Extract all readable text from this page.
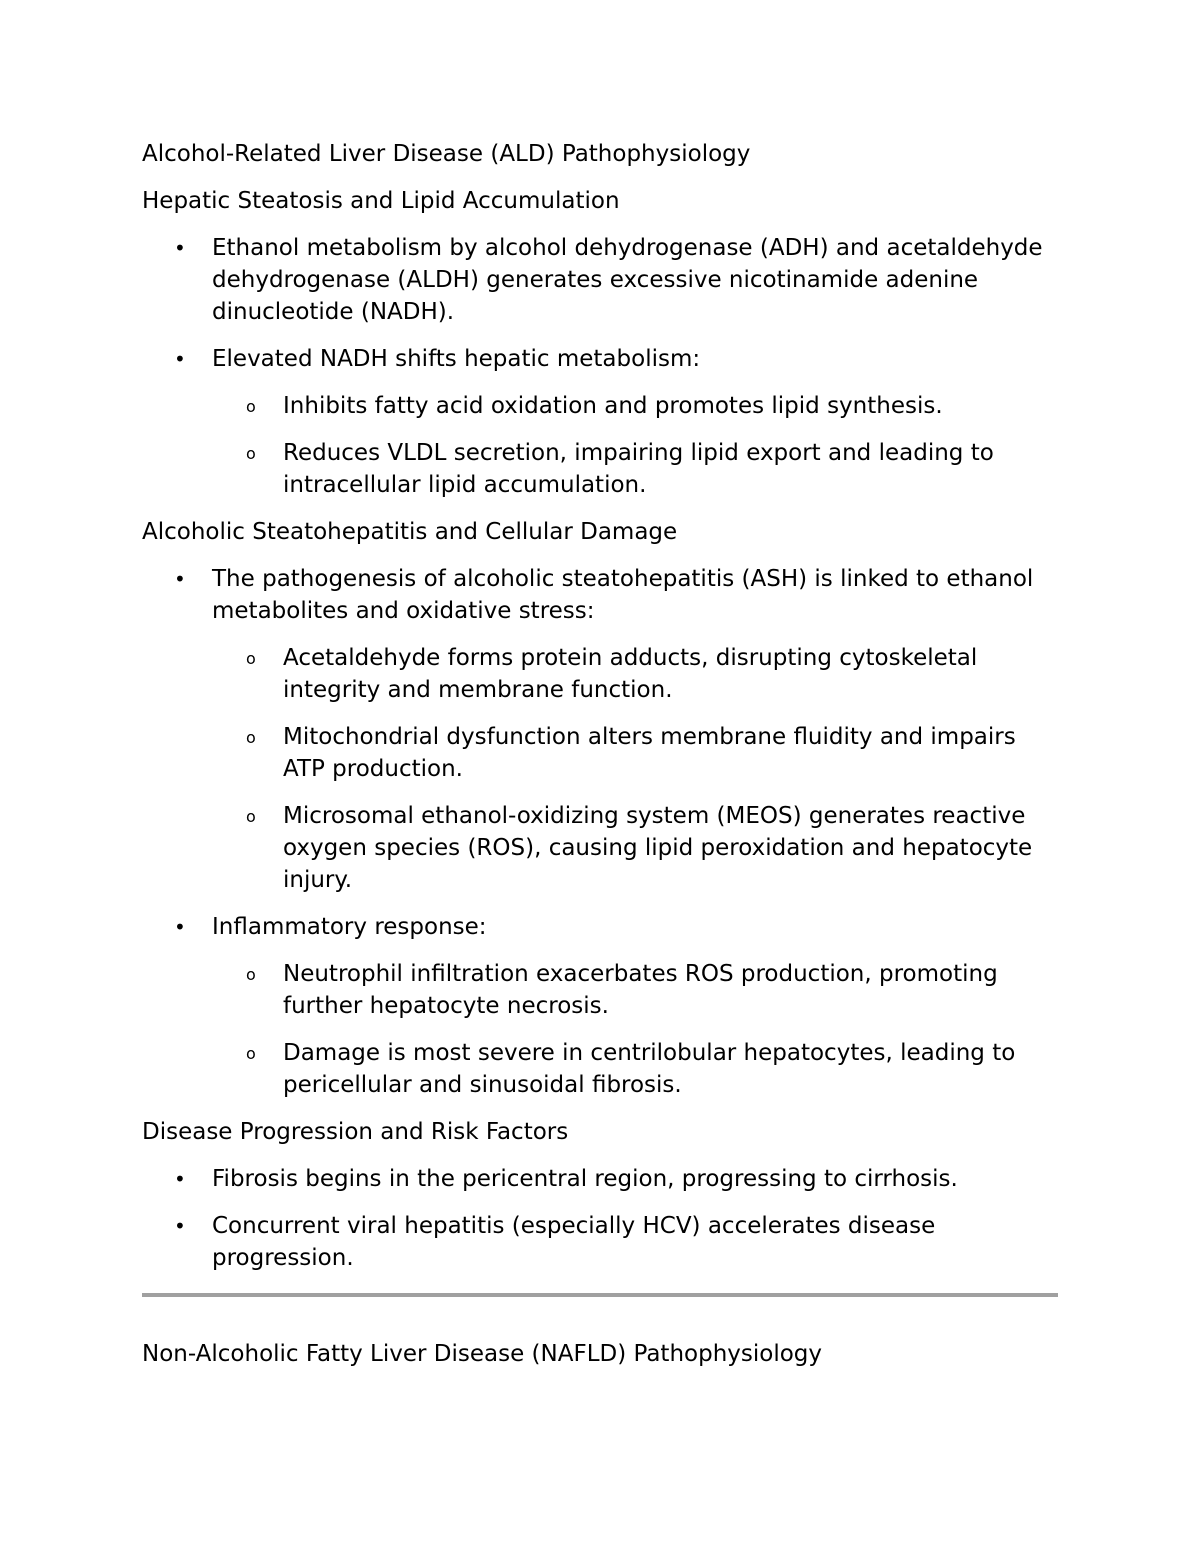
Alcohol-Related Liver Disease (ALD) Pathophysiology
Hepatic Steatosis and Lipid Accumulation
• Ethanol metabolism by alcohol dehydrogenase (ADH) and acetaldehyde dehydrogenase (ALDH) generates excessive nicotinamide adenine dinucleotide (NADH).
• Elevated NADH shifts hepatic metabolism:
o Inhibits fatty acid oxidation and promotes lipid synthesis.
o Reduces VLDL secretion, impairing lipid export and leading to intracellular lipid accumulation.
Alcoholic Steatohepatitis and Cellular Damage
• The pathogenesis of alcoholic steatohepatitis (ASH) is linked to ethanol metabolites and oxidative stress:
o Acetaldehyde forms protein adducts, disrupting cytoskeletal integrity and membrane function.
o Mitochondrial dysfunction alters membrane fluidity and impairs ATP production.
o Microsomal ethanol-oxidizing system (MEOS) generates reactive oxygen species (ROS), causing lipid peroxidation and hepatocyte injury.
• Inflammatory response:
o Neutrophil infiltration exacerbates ROS production, promoting further hepatocyte necrosis.
o Damage is most severe in centrilobular hepatocytes, leading to pericellular and sinusoidal fibrosis.
Disease Progression and Risk Factors
• Fibrosis begins in the pericentral region, progressing to cirrhosis.
• Concurrent viral hepatitis (especially HCV) accelerates disease progression.
Non-Alcoholic Fatty Liver Disease (NAFLD) Pathophysiology
